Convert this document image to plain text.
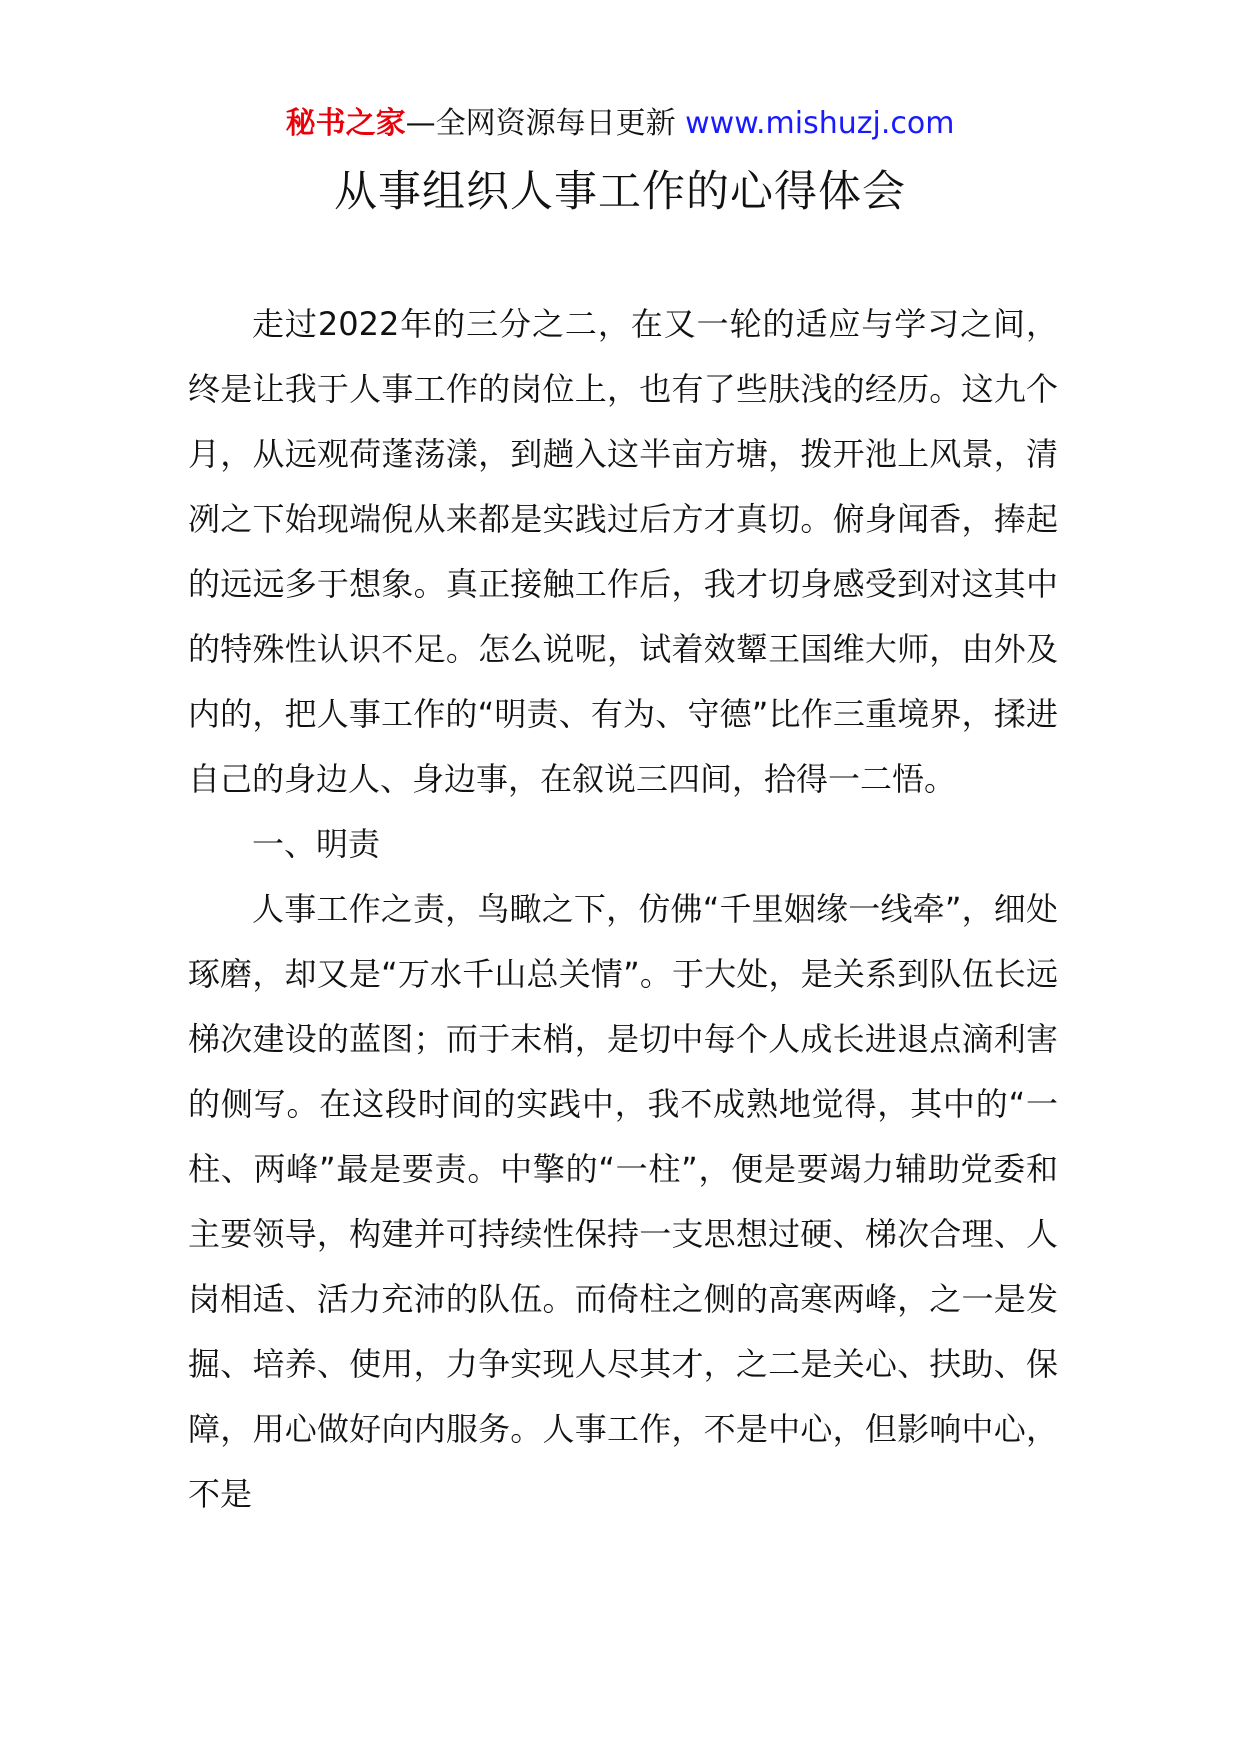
秘书之家—全网资源每日更新 www.mishuzj.com
从事组织人事工作的心得体会

走过2022年的三分之二，在又一轮的适应与学习之间，终是让我于人事工作的岗位上，也有了些肤浅的经历。这九个月，从远观荷蓬荡漾，到趟入这半亩方塘，拨开池上风景，清冽之下始现端倪从来都是实践过后方才真切。俯身闻香，捧起的远远多于想象。真正接触工作后，我才切身感受到对这其中的特殊性认识不足。怎么说呢，试着效颦王国维大师，由外及内的，把人事工作的“明责、有为、守德”比作三重境界，揉进自己的身边人、身边事，在叙说三四间，拾得一二悟。

一、明责

人事工作之责，鸟瞰之下，仿佛“千里姻缘一线牵”，细处琢磨，却又是“万水千山总关情”。于大处，是关系到队伍长远梯次建设的蓝图；而于末梢，是切中每个人成长进退点滴利害的侧写。在这段时间的实践中，我不成熟地觉得，其中的“一柱、两峰”最是要责。中擎的“一柱”，便是要竭力辅助党委和主要领导，构建并可持续性保持一支思想过硬、梯次合理、人岗相适、活力充沛的队伍。而倚柱之侧的高寒两峰，之一是发掘、培养、使用，力争实现人尽其才，之二是关心、扶助、保障，用心做好向内服务。人事工作，不是中心，但影响中心，不是
